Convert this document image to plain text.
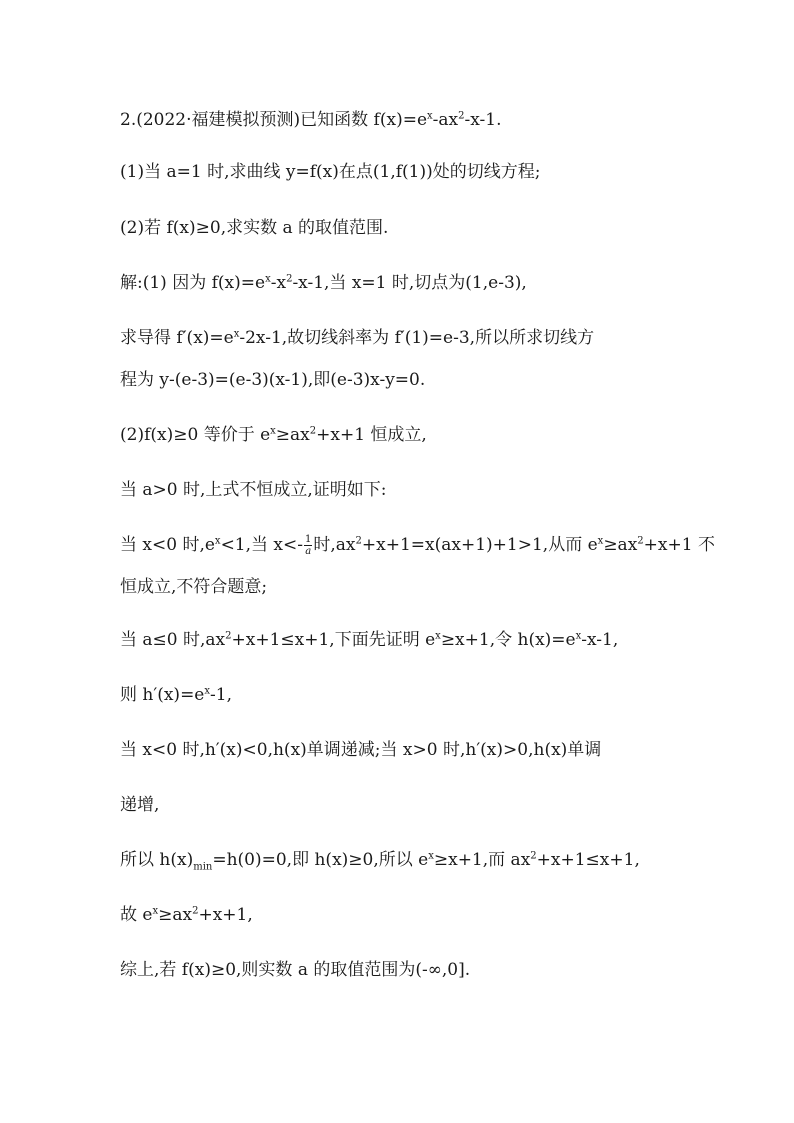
2.(2022·福建模拟预测)已知函数 $f(x)=e^x-ax^2-x-1$.
(1)当 a=1 时,求曲线 y=f(x)在点(1,f(1))处的切线方程;
(2)若 f(x)≥0,求实数 a 的取值范围.
解:(1) 因为 $f(x)=e^x-x^2-x-1$,当 x=1 时,切点为(1,e-3),
求导得 $f'(x)=e^x-2x-1$,故切线斜率为 f′(1)=e-3,所以所求切线方
程为 y-(e-3)=(e-3)(x-1),即(e-3)x-y=0.
(2)f(x)≥0 等价于 $e^x\ge ax^2+x+1$ 恒成立,
当 a>0 时,上式不恒成立,证明如下:
当 x<0 时$,e^x<1$,当 $x<- \frac{1}{a}$ 时$,ax^2+x+1=x(ax+1)+1>1$,从而 $e^x\ge ax^2+x+1$ 不
恒成立,不符合题意;
当 a≤0 时$,ax^2+x+1\le x+1$,下面先证明 $e^x\ge x+1$,令 $h(x)=e^x-x-1$,
则 $h'(x)=e^x-1$,
当 x<0 时,h′(x)<0,h(x)单调递减;当 x>0 时,h′(x)>0,h(x)单调
递增,
所以 $h(x)_{min}=h(0)=0$,即 h(x)≥0,所以 $e^x\ge x+1$,而 $ax^2+x+1\le x+1$,
故 $e^x\ge ax^2+x+1$,
综上,若 f(x)≥0,则实数 a 的取值范围为(-∞,0].
